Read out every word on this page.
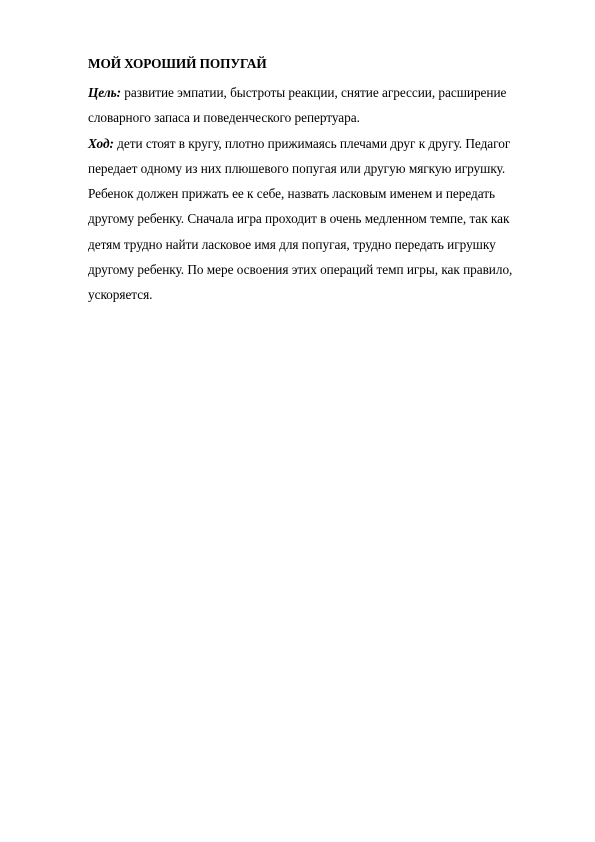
МОЙ ХОРОШИЙ ПОПУГАЙ

Цель: развитие эмпатии, быстроты реакции, снятие агрессии, расширение словарного запаса и поведенческого репертуара.

Ход: дети стоят в кругу, плотно прижимаясь плечами друг к другу. Педагог передает одному из них плюшевого попугая или другую мягкую игрушку. Ребенок должен прижать ее к себе, назвать ласковым именем и передать другому ребенку. Сначала игра проходит в очень медленном темпе, так как детям трудно найти ласковое имя для попугая, трудно передать игрушку другому ребенку. По мере освоения этих операций темп игры, как правило, ускоряется.
